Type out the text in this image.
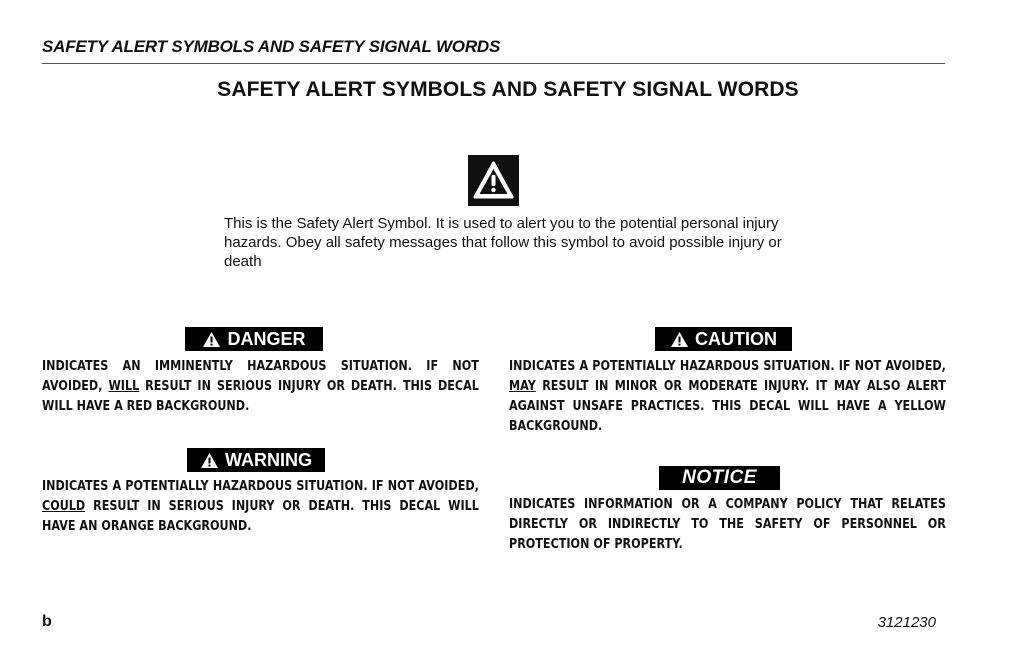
SAFETY ALERT SYMBOLS AND SAFETY SIGNAL WORDS
SAFETY ALERT SYMBOLS AND SAFETY SIGNAL WORDS
This is the Safety Alert Symbol. It is used to alert you to the potential personal injury hazards. Obey all safety messages that follow this symbol to avoid possible injury or death
DANGER
INDICATES AN IMMINENTLY HAZARDOUS SITUATION. IF NOT AVOIDED, WILL RESULT IN SERIOUS INJURY OR DEATH. THIS DECAL WILL HAVE A RED BACKGROUND.
WARNING
INDICATES A POTENTIALLY HAZARDOUS SITUATION. IF NOT AVOIDED, COULD RESULT IN SERIOUS INJURY OR DEATH. THIS DECAL WILL HAVE AN ORANGE BACKGROUND.
CAUTION
INDICATES A POTENTIALLY HAZARDOUS SITUATION. IF NOT AVOIDED, MAY RESULT IN MINOR OR MODERATE INJURY. IT MAY ALSO ALERT AGAINST UNSAFE PRACTICES. THIS DECAL WILL HAVE A YELLOW BACKGROUND.
NOTICE
INDICATES INFORMATION OR A COMPANY POLICY THAT RELATES DIRECTLY OR INDIRECTLY TO THE SAFETY OF PERSONNEL OR PROTECTION OF PROPERTY.
b	3121230
